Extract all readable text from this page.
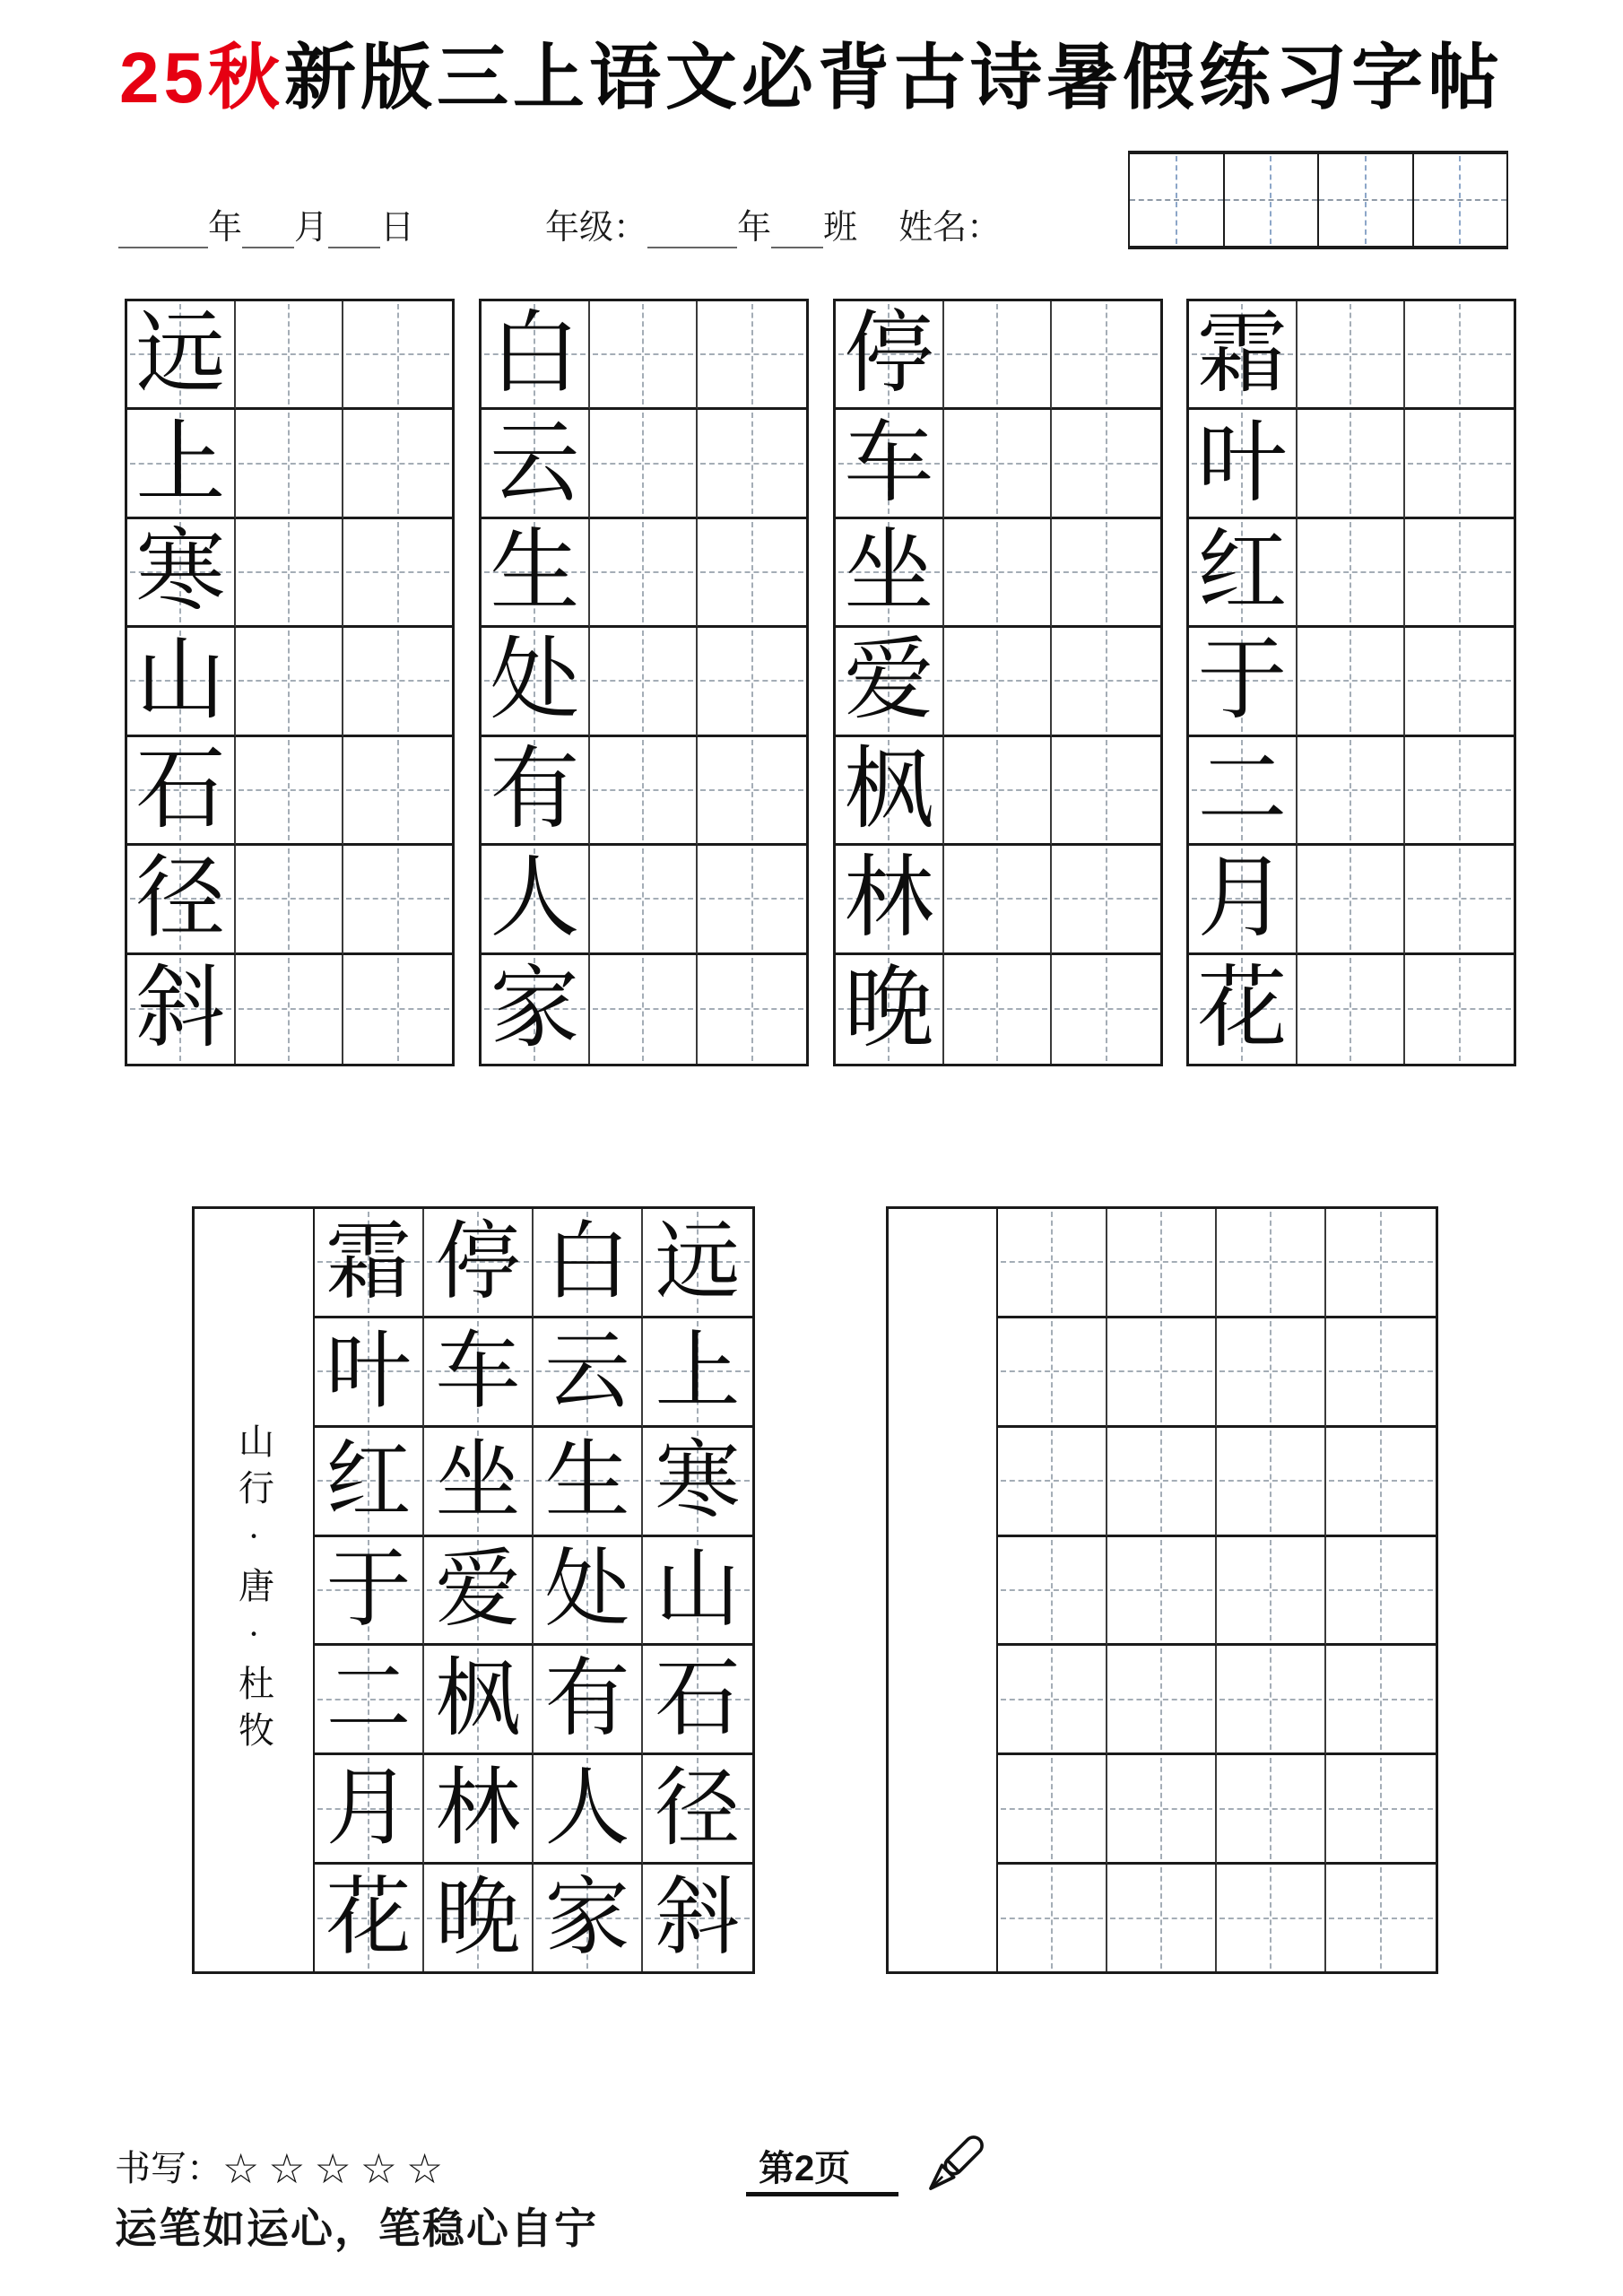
25秋新版三上语文必背古诗暑假练习字帖
年 月 日	年级：	年 班 姓名：
远
上
寒
山
石
径
斜
白
云
生
处
有
人
家
停
车
坐
爱
枫
林
晚
霜
叶
红
于
二
月
花
山行·唐·杜牧
霜 停 白 远
叶 车 云 上
红 坐 生 寒
于 爱 处 山
二 枫 有 石
月 林 人 径
花 晚 家 斜
书写：☆☆☆☆☆	第2页
运笔如运心，笔稳心自宁
